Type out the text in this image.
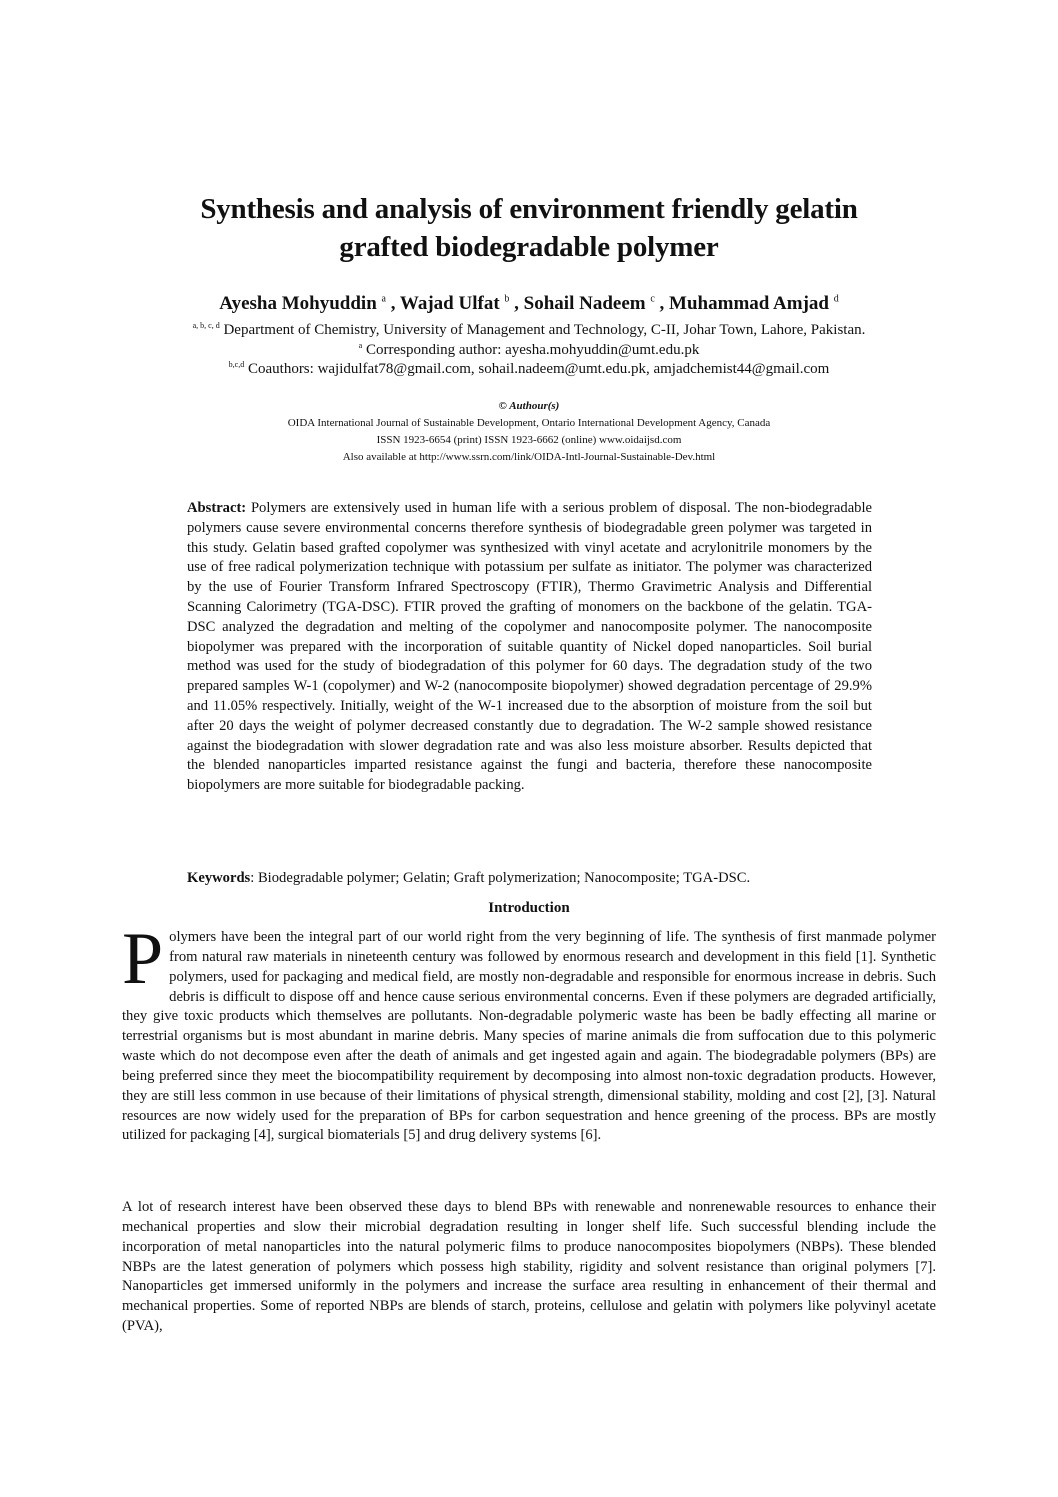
Synthesis and analysis of environment friendly gelatin
grafted biodegradable polymer
Ayesha Mohyuddin $^a$ , Wajad Ulfat $^b$ , Sohail Nadeem $^c$ , Muhammad Amjad $^d$
$^{a, b, c, d}$ Department of Chemistry, University of Management and Technology, C-II, Johar Town, Lahore, Pakistan.
$^a$ Corresponding author: ayesha.mohyuddin@umt.edu.pk
$^{b,c,d}$ Coauthors: wajidulfat78@gmail.com, sohail.nadeem@umt.edu.pk, amjadchemist44@gmail.com
© Authour(s)
OIDA International Journal of Sustainable Development, Ontario International Development Agency, Canada
ISSN 1923-6654 (print) ISSN 1923-6662 (online) www.oidaijsd.com
Also available at http://www.ssrn.com/link/OIDA-Intl-Journal-Sustainable-Dev.html
Abstract: Polymers are extensively used in human life with a serious problem of disposal. The non-biodegradable polymers cause severe environmental concerns therefore synthesis of biodegradable green polymer was targeted in this study. Gelatin based grafted copolymer was synthesized with vinyl acetate and acrylonitrile monomers by the use of free radical polymerization technique with potassium per sulfate as initiator. The polymer was characterized by the use of Fourier Transform Infrared Spectroscopy (FTIR), Thermo Gravimetric Analysis and Differential Scanning Calorimetry (TGA-DSC). FTIR proved the grafting of monomers on the backbone of the gelatin. TGA-DSC analyzed the degradation and melting of the copolymer and nanocomposite polymer. The nanocomposite biopolymer was prepared with the incorporation of suitable quantity of Nickel doped nanoparticles. Soil burial method was used for the study of biodegradation of this polymer for 60 days. The degradation study of the two prepared samples W-1 (copolymer) and W-2 (nanocomposite biopolymer) showed degradation percentage of 29.9% and 11.05% respectively. Initially, weight of the W-1 increased due to the absorption of moisture from the soil but after 20 days the weight of polymer decreased constantly due to degradation. The W-2 sample showed resistance against the biodegradation with slower degradation rate and was also less moisture absorber. Results depicted that the blended nanoparticles imparted resistance against the fungi and bacteria, therefore these nanocomposite biopolymers are more suitable for biodegradable packing.
Keywords: Biodegradable polymer; Gelatin; Graft polymerization; Nanocomposite; TGA-DSC.
Introduction
P olymers have been the integral part of our world right from the very beginning of life. The synthesis of first manmade polymer from natural raw materials in nineteenth century was followed by enormous research and development in this field [1]. Synthetic polymers, used for packaging and medical field, are mostly non-degradable and responsible for enormous increase in debris. Such debris is difficult to dispose off and hence cause serious environmental concerns. Even if these polymers are degraded artificially, they give toxic products which themselves are pollutants. Non-degradable polymeric waste has been be badly effecting all marine or terrestrial organisms but is most abundant in marine debris. Many species of marine animals die from suffocation due to this polymeric waste which do not decompose even after the death of animals and get ingested again and again. The biodegradable polymers (BPs) are being preferred since they meet the biocompatibility requirement by decomposing into almost non-toxic degradation products. However, they are still less common in use because of their limitations of physical strength, dimensional stability, molding and cost [2], [3]. Natural resources are now widely used for the preparation of BPs for carbon sequestration and hence greening of the process. BPs are mostly utilized for packaging [4], surgical biomaterials [5] and drug delivery systems [6].
A lot of research interest have been observed these days to blend BPs with renewable and nonrenewable resources to enhance their mechanical properties and slow their microbial degradation resulting in longer shelf life. Such successful blending include the incorporation of metal nanoparticles into the natural polymeric films to produce nanocomposites biopolymers (NBPs). These blended NBPs are the latest generation of polymers which possess high stability, rigidity and solvent resistance than original polymers [7]. Nanoparticles get immersed uniformly in the polymers and increase the surface area resulting in enhancement of their thermal and mechanical properties. Some of reported NBPs are blends of starch, proteins, cellulose and gelatin with polymers like polyvinyl acetate (PVA),
